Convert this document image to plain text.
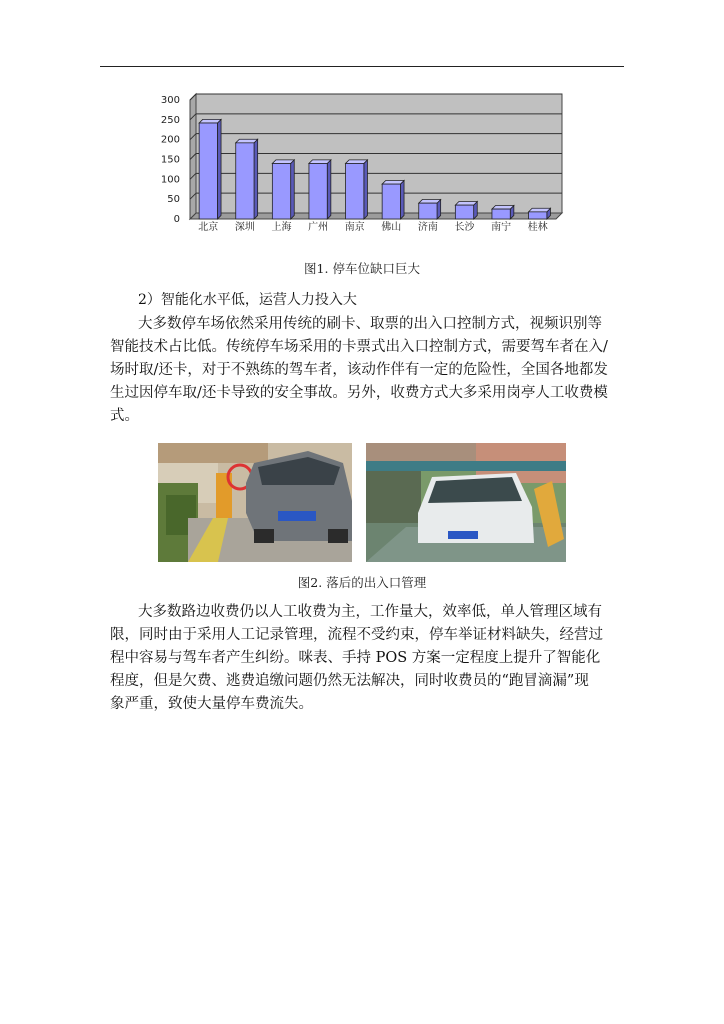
0
50
100
150
200
250
300
北京 深圳 上海 广州 南京 佛山 济南 长沙 南宁 桂林
图1. 停车位缺口巨大
2）智能化水平低，运营人力投入大
大多数停车场依然采用传统的刷卡、取票的出入口控制方式，视频识别等
智能技术占比低。传统停车场采用的卡票式出入口控制方式，需要驾车者在入/
场时取/还卡，对于不熟练的驾车者，该动作伴有一定的危险性，全国各地都发
生过因停车取/还卡导致的安全事故。另外，收费方式大多采用岗亭人工收费模
式。
图2. 落后的出入口管理
大多数路边收费仍以人工收费为主，工作量大，效率低，单人管理区域有
限，同时由于采用人工记录管理，流程不受约束，停车举证材料缺失，经营过
程中容易与驾车者产生纠纷。咪表、手持 POS 方案一定程度上提升了智能化
程度，但是欠费、逃费追缴问题仍然无法解决，同时收费员的“跑冒滴漏”现
象严重，致使大量停车费流失。
